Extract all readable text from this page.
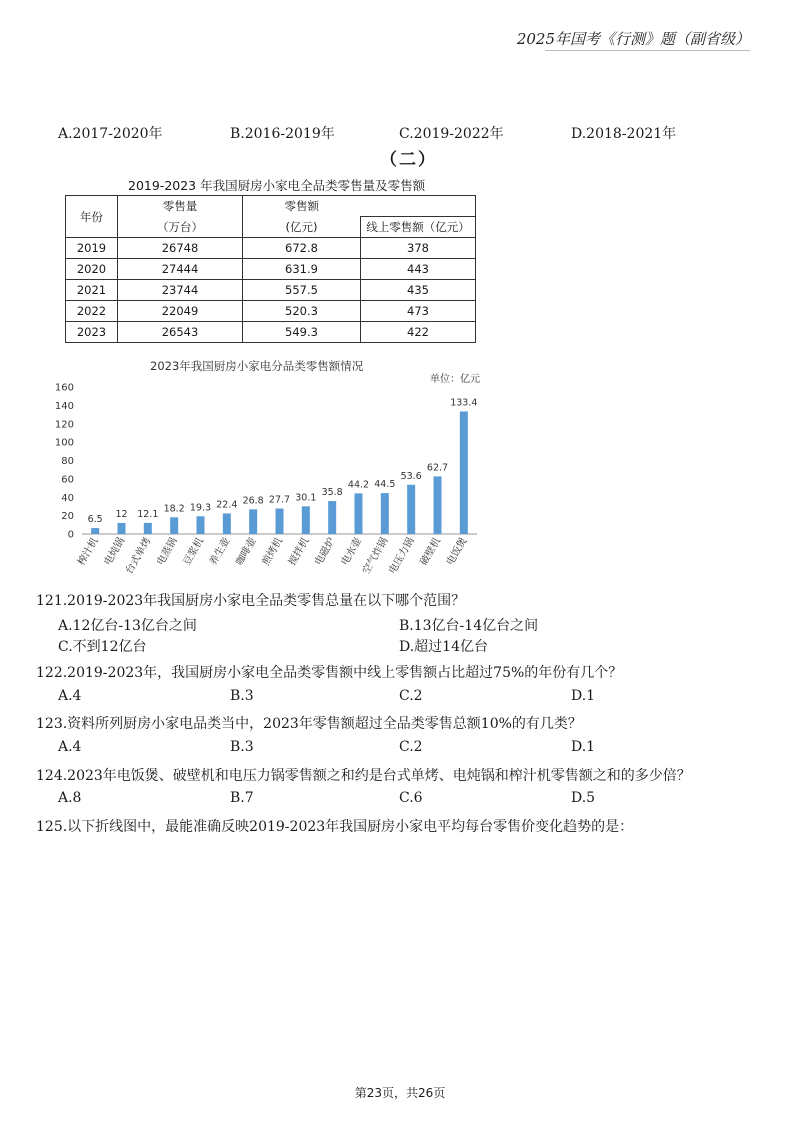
2025年国考《行测》题（副省级）
A.2017-2020年	B.2016-2019年	C.2019-2022年	D.2018-2021年
（二）
2019-2023 年我国厨房小家电全品类零售量及零售额
年份	零售量	零售额	
	（万台）	(亿元)	线上零售额（亿元）
2019	26748	672.8	378
2020	27444	631.9	443
2021	23744	557.5	435
2022	22049	520.3	473
2023	26543	549.3	422
2023年我国厨房小家电分品类零售额情况
单位：亿元
0
20
40
60
80
100
120
140
160
6.5
榨汁机
12
电炖锅
12.1
台式单烤
18.2
电蒸锅
19.3
豆浆机
22.4
养生壶
26.8
咖啡壶
27.7
煎烤机
30.1
搅拌机
35.8
电磁炉
44.2
电水壶
44.5
空气炸锅
53.6
电压力锅
62.7
破壁机
133.4
电饭煲
121.2019-2023年我国厨房小家电全品类零售总量在以下哪个范围？
A.12亿台-13亿台之间	B.13亿台-14亿台之间
C.不到12亿台	D.超过14亿台
122.2019-2023年，我国厨房小家电全品类零售额中线上零售额占比超过75%的年份有几个？
A.4	B.3	C.2	D.1
123.资料所列厨房小家电品类当中，2023年零售额超过全品类零售总额10%的有几类？
A.4	B.3	C.2	D.1
124.2023年电饭煲、破壁机和电压力锅零售额之和约是台式单烤、电炖锅和榨汁机零售额之和的多少倍？
A.8	B.7	C.6	D.5
125.以下折线图中，最能准确反映2019-2023年我国厨房小家电平均每台零售价变化趋势的是：
第23页，共26页
